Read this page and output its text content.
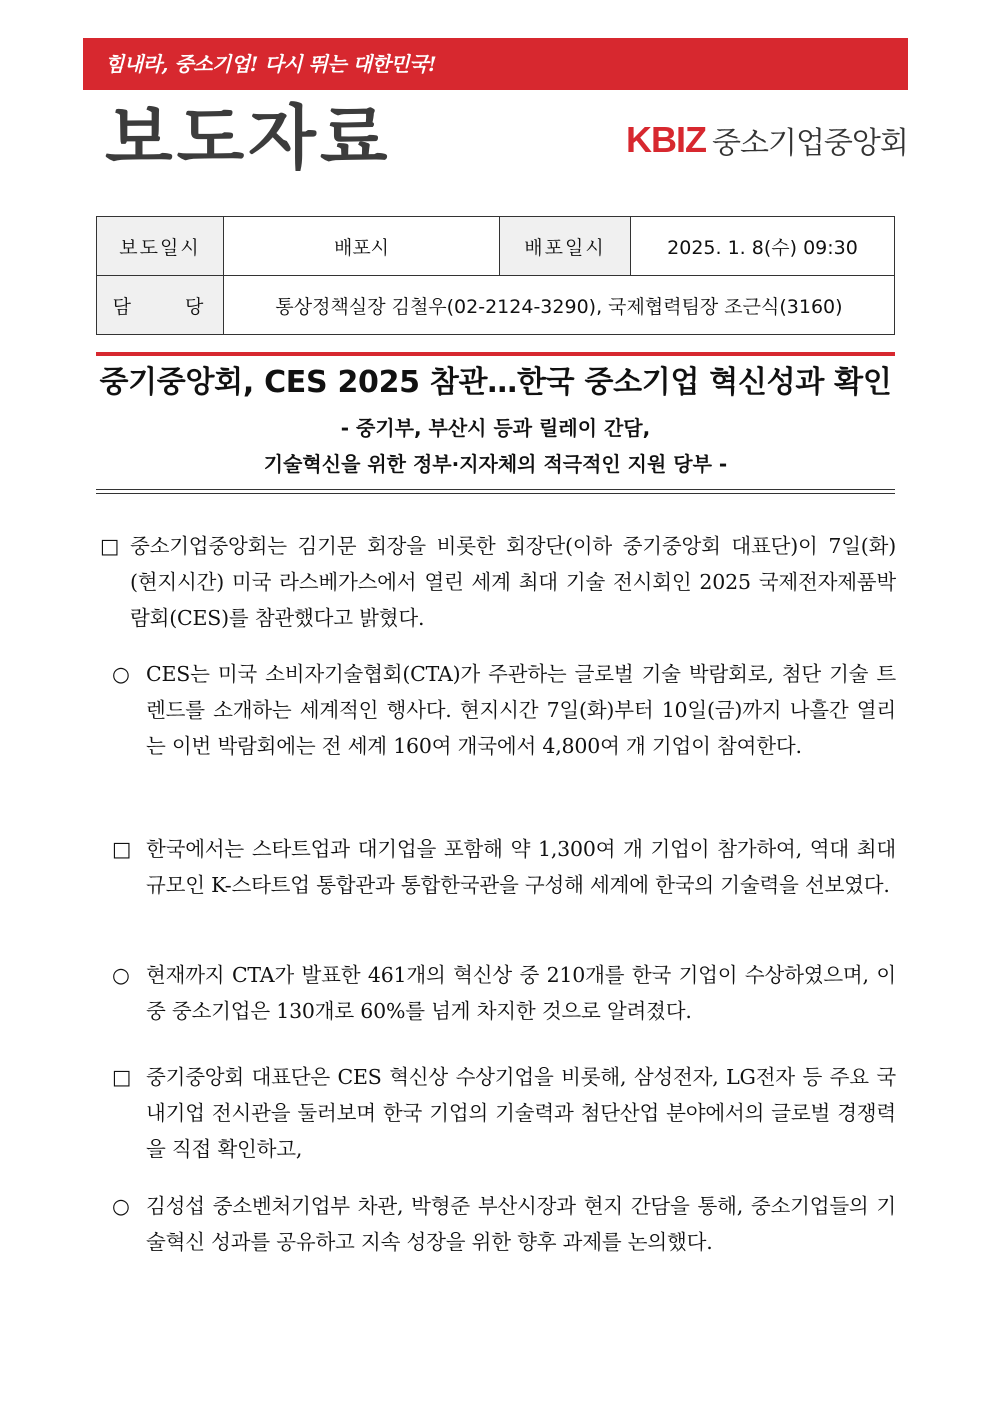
힘내라, 중소기업! 다시 뛰는 대한민국!
보도자료	KBIZ 중소기업중앙회
보도일시	배포시	배포일시	2025. 1. 8(수) 09:30
담 당	통상정책실장 김철우(02-2124-3290), 국제협력팀장 조근식(3160)		
중기중앙회, CES 2025 참관…한국 중소기업 혁신성과 확인
- 중기부, 부산시 등과 릴레이 간담,
기술혁신을 위한 정부·지자체의 적극적인 지원 당부 -
□ 중소기업중앙회는 김기문 회장을 비롯한 회장단(이하 중기중앙회 대표단)이 7일(화) (현지시간) 미국 라스베가스에서 열린 세계 최대 기술 전시회인 2025 국제전자제품박람회(CES)를 참관했다고 밝혔다.
○ CES는 미국 소비자기술협회(CTA)가 주관하는 글로벌 기술 박람회로, 첨단 기술 트렌드를 소개하는 세계적인 행사다. 현지시간 7일(화)부터 10일(금)까지 나흘간 열리는 이번 박람회에는 전 세계 160여 개국에서 4,800여 개 기업이 참여한다.
□ 한국에서는 스타트업과 대기업을 포함해 약 1,300여 개 기업이 참가하여, 역대 최대 규모인 K-스타트업 통합관과 통합한국관을 구성해 세계에 한국의 기술력을 선보였다.
○ 현재까지 CTA가 발표한 461개의 혁신상 중 210개를 한국 기업이 수상하였으며, 이중 중소기업은 130개로 60%를 넘게 차지한 것으로 알려졌다.
□ 중기중앙회 대표단은 CES 혁신상 수상기업을 비롯해, 삼성전자, LG전자 등 주요 국내기업 전시관을 둘러보며 한국 기업의 기술력과 첨단산업 분야에서의 글로벌 경쟁력을 직접 확인하고,
○ 김성섭 중소벤처기업부 차관, 박형준 부산시장과 현지 간담을 통해, 중소기업들의 기술혁신 성과를 공유하고 지속 성장을 위한 향후 과제를 논의했다.
